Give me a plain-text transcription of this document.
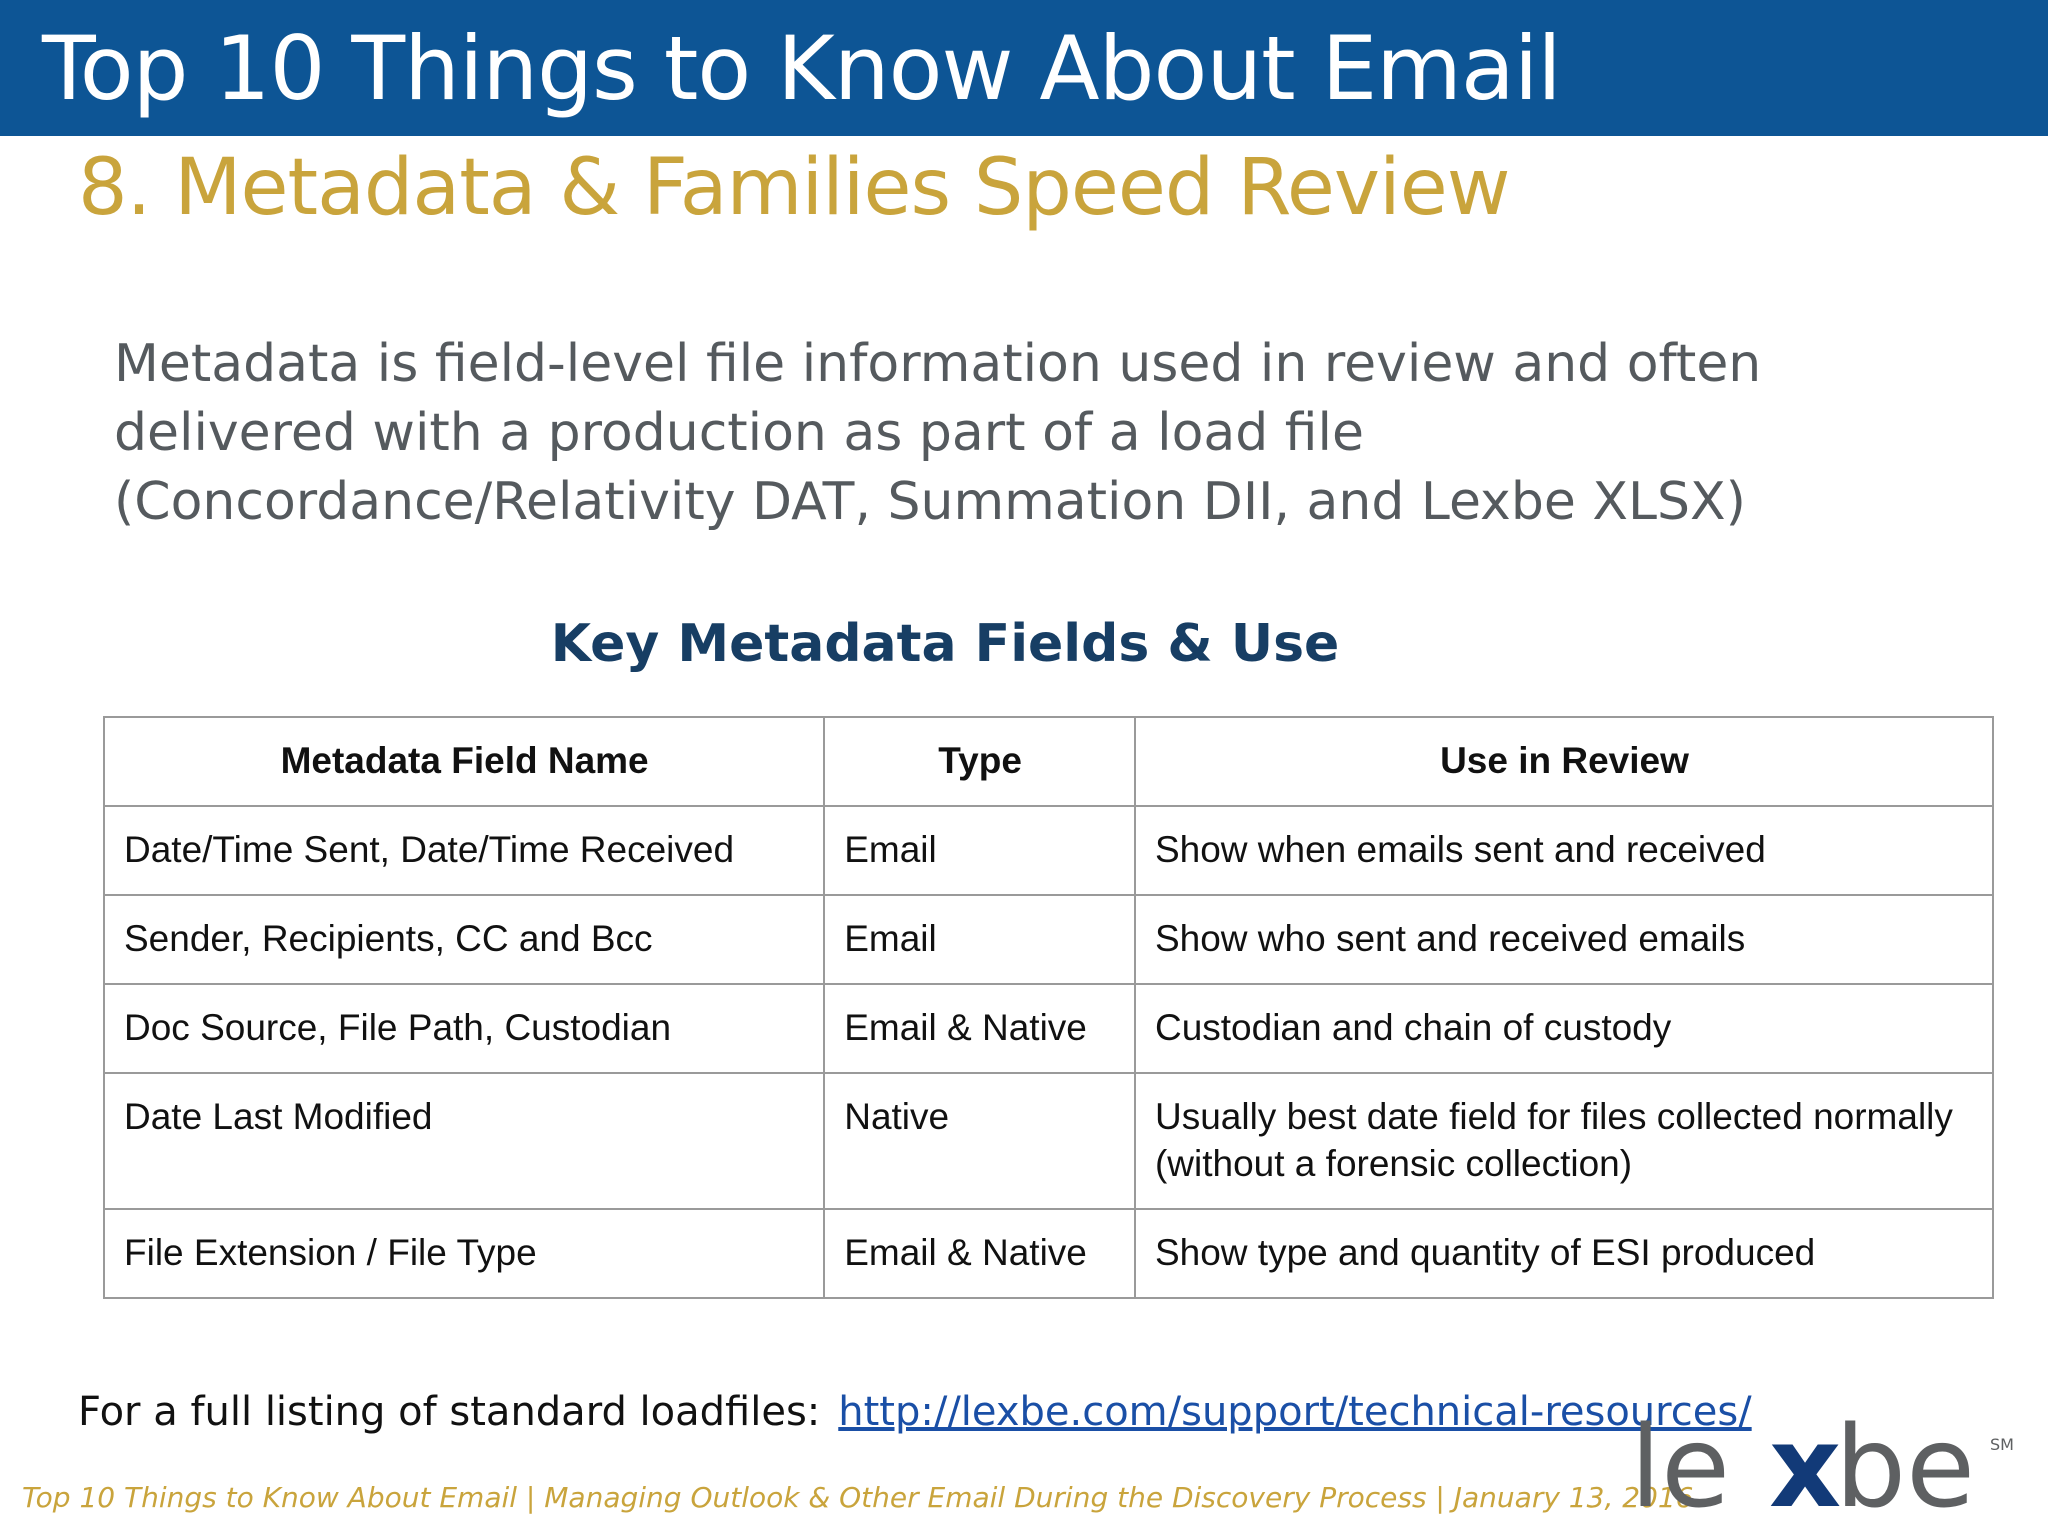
Top 10 Things to Know About Email
8. Metadata & Families Speed Review
Metadata is field-level file information used in review and often
delivered with a production as part of a load file
(Concordance/Relativity DAT, Summation DII, and Lexbe XLSX)
Key Metadata Fields & Use
Metadata Field Name	Type	Use in Review
Date/Time Sent, Date/Time Received	Email	Show when emails sent and received
Sender, Recipients, CC and Bcc	Email	Show who sent and received emails
Doc Source, File Path, Custodian	Email & Native	Custodian and chain of custody
Date Last Modified	Native	Usually best date field for files collected normally (without a forensic collection)
File Extension / File Type	Email & Native	Show type and quantity of ESI produced
For a full listing of standard loadfiles: http://lexbe.com/support/technical-resources/
Top 10 Things to Know About Email | Managing Outlook & Other Email During the Discovery Process | January 13, 2016
le x
be SM
